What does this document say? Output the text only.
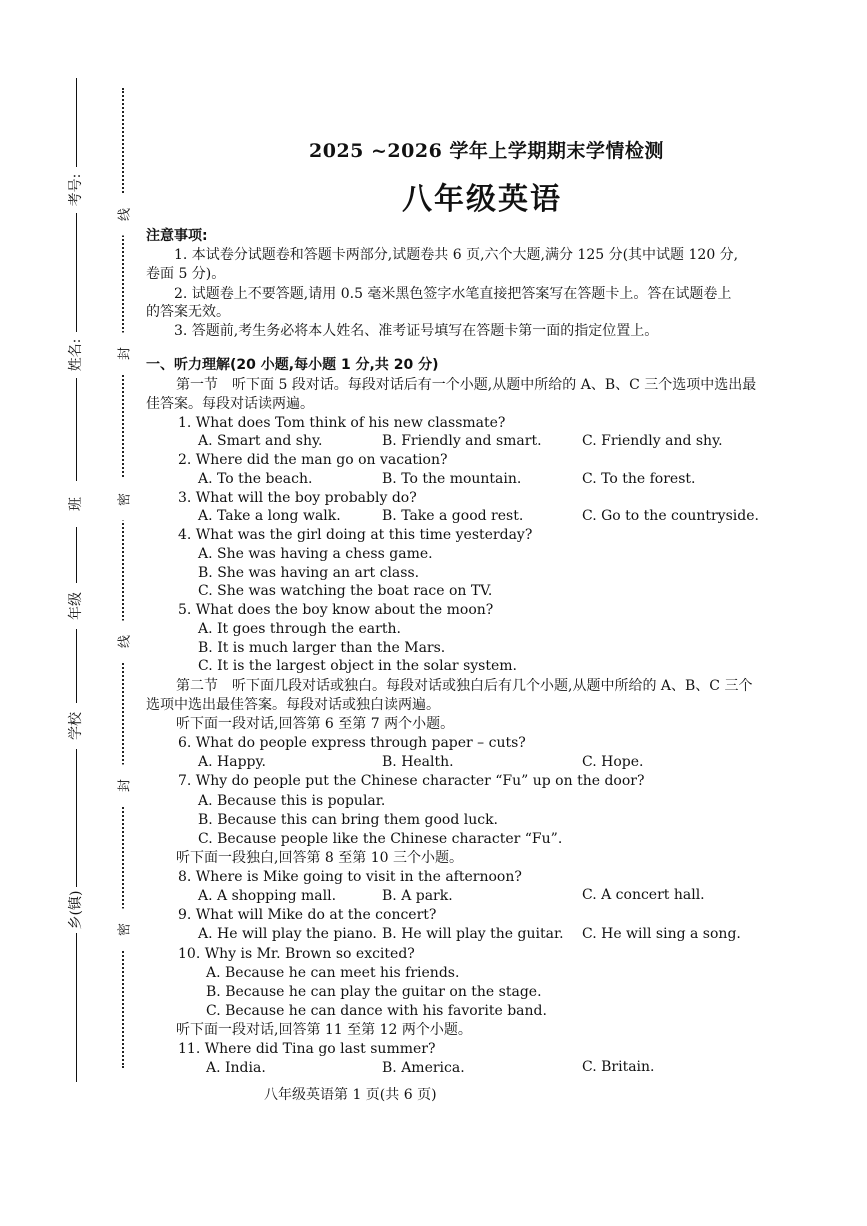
考号:
姓名:
班
年级
学校
乡(镇)
线
封
密
线
封
密
2025 ~2026 学年上学期期末学情检测
八年级英语
注意事项:
1. 本试卷分试题卷和答题卡两部分,试题卷共 6 页,六个大题,满分 125 分(其中试题 120 分,
卷面 5 分)。
2. 试题卷上不要答题,请用 0.5 毫米黑色签字水笔直接把答案写在答题卡上。答在试题卷上
的答案无效。
3. 答题前,考生务必将本人姓名、准考证号填写在答题卡第一面的指定位置上。
一、听力理解(20 小题,每小题 1 分,共 20 分)
第一节　听下面 5 段对话。每段对话后有一个小题,从题中所给的 A、B、C 三个选项中选出最
佳答案。每段对话读两遍。
1. What does Tom think of his new classmate?
A. Smart and shy.	B. Friendly and smart.	C. Friendly and shy.
2. Where did the man go on vacation?
A. To the beach.	B. To the mountain.	C. To the forest.
3. What will the boy probably do?
A. Take a long walk.	B. Take a good rest.	C. Go to the countryside.
4. What was the girl doing at this time yesterday?
A. She was having a chess game.
B. She was having an art class.
C. She was watching the boat race on TV.
5. What does the boy know about the moon?
A. It goes through the earth.
B. It is much larger than the Mars.
C. It is the largest object in the solar system.
第二节　听下面几段对话或独白。每段对话或独白后有几个小题,从题中所给的 A、B、C 三个
选项中选出最佳答案。每段对话或独白读两遍。
听下面一段对话,回答第 6 至第 7 两个小题。
6. What do people express through paper – cuts?
A. Happy.	B. Health.	C. Hope.
7. Why do people put the Chinese character “Fu” up on the door?
A. Because this is popular.
B. Because this can bring them good luck.
C. Because people like the Chinese character “Fu”.
听下面一段独白,回答第 8 至第 10 三个小题。
8. Where is Mike going to visit in the afternoon?
A. A shopping mall.	B. A park.	C. A concert hall.
9. What will Mike do at the concert?
A. He will play the piano. B. He will play the guitar. C. He will sing a song.
10. Why is Mr. Brown so excited?
A. Because he can meet his friends.
B. Because he can play the guitar on the stage.
C. Because he can dance with his favorite band.
听下面一段对话,回答第 11 至第 12 两个小题。
11. Where did Tina go last summer?
A. India.	B. America.	C. Britain.
八年级英语第 1 页(共 6 页)
